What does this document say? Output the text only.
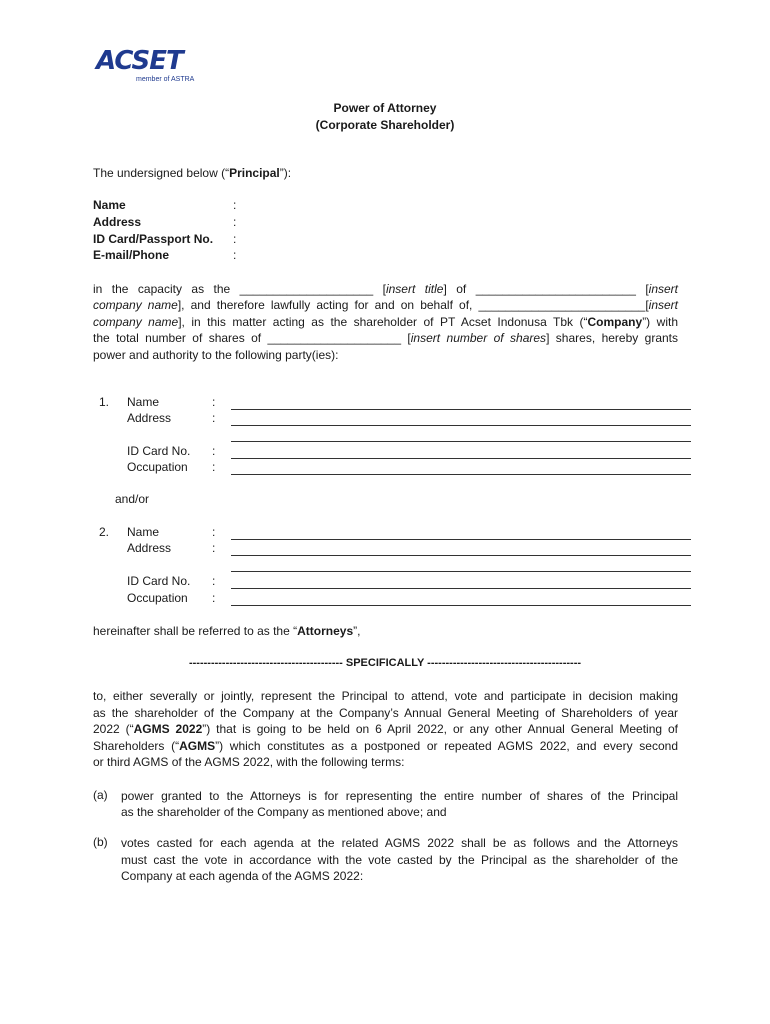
ACSET
member of ASTRA
Power of Attorney
(Corporate Shareholder)
The undersigned below (“Principal”):
Name	:
Address	:
ID Card/Passport No. :
E-mail/Phone	:
in the capacity as the ____________________ [insert title] of ________________________ [insert
company name], and therefore lawfully acting for and on behalf of, _________________________[insert
company name], in this matter acting as the shareholder of PT Acset Indonusa Tbk (“Company”) with
the total number of shares of ____________________ [insert number of shares] shares, hereby grants
power and authority to the following party(ies):
1. Name	:
Address	:
ID Card No. :
Occupation :
and/or
2. Name	:
Address	:
ID Card No. :
Occupation :
hereinafter shall be referred to as the “Attorneys”,
------------------------------------------ SPECIFICALLY ------------------------------------------
to, either severally or jointly, represent the Principal to attend, vote and participate in decision making
as the shareholder of the Company at the Company’s Annual General Meeting of Shareholders of year
2022 (“AGMS 2022”) that is going to be held on 6 April 2022, or any other Annual General Meeting of
Shareholders (“AGMS”) which constitutes as a postponed or repeated AGMS 2022, and every second
or third AGMS of the AGMS 2022, with the following terms:
(a) power granted to the Attorneys is for representing the entire number of shares of the Principal
as the shareholder of the Company as mentioned above; and
(b) votes casted for each agenda at the related AGMS 2022 shall be as follows and the Attorneys
must cast the vote in accordance with the vote casted by the Principal as the shareholder of the
Company at each agenda of the AGMS 2022:
